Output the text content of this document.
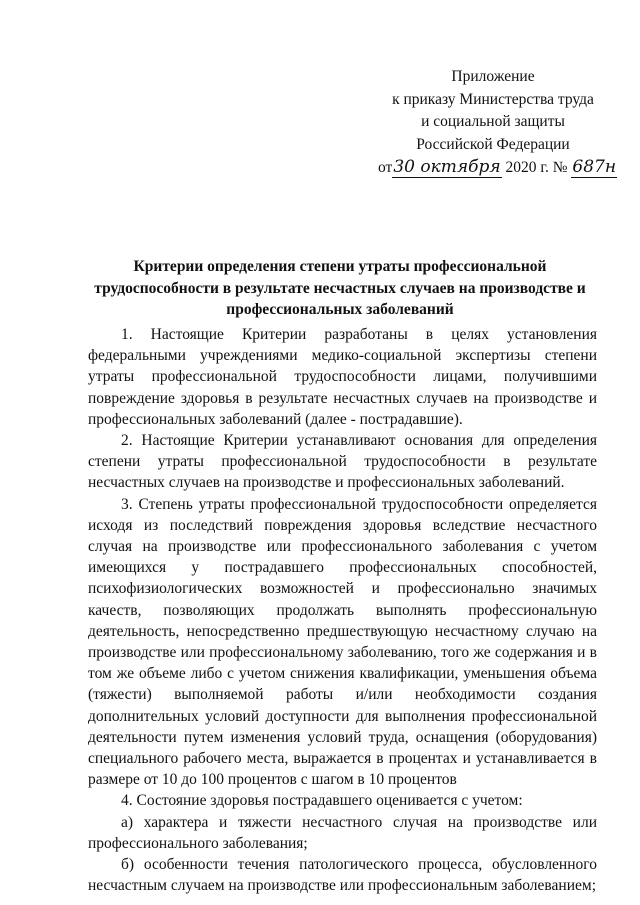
Приложение
к приказу Министерства труда
и социальной защиты
Российской Федерации
от30 октября 2020 г. № 687н
Критерии определения степени утраты профессиональной
трудоспособности в результате несчастных случаев на производстве и
профессиональных заболеваний

1. Настоящие Критерии разработаны в целях установления федеральными учреждениями медико-социальной экспертизы степени утраты профессиональной трудоспособности лицами, получившими повреждение здоровья в результате несчастных случаев на производстве и профессиональных заболеваний (далее - пострадавшие).

2. Настоящие Критерии устанавливают основания для определения степени утраты профессиональной трудоспособности в результате несчастных случаев на производстве и профессиональных заболеваний.

3. Степень утраты профессиональной трудоспособности определяется исходя из последствий повреждения здоровья вследствие несчастного случая на производстве или профессионального заболевания с учетом имеющихся у пострадавшего профессиональных способностей, психофизиологических возможностей и профессионально значимых качеств, позволяющих продолжать выполнять профессиональную деятельность, непосредственно предшествующую несчастному случаю на производстве или профессиональному заболеванию, того же содержания и в том же объеме либо с учетом снижения квалификации, уменьшения объема (тяжести) выполняемой работы и/или необходимости создания дополнительных условий доступности для выполнения профессиональной деятельности путем изменения условий труда, оснащения (оборудования) специального рабочего места, выражается в процентах и устанавливается в размере от 10 до 100 процентов с шагом в 10 процентов

4. Состояние здоровья пострадавшего оценивается с учетом:

а) характера и тяжести несчастного случая на производстве или профессионального заболевания;

б) особенности течения патологического процесса, обусловленного несчастным случаем на производстве или профессиональным заболеванием;
